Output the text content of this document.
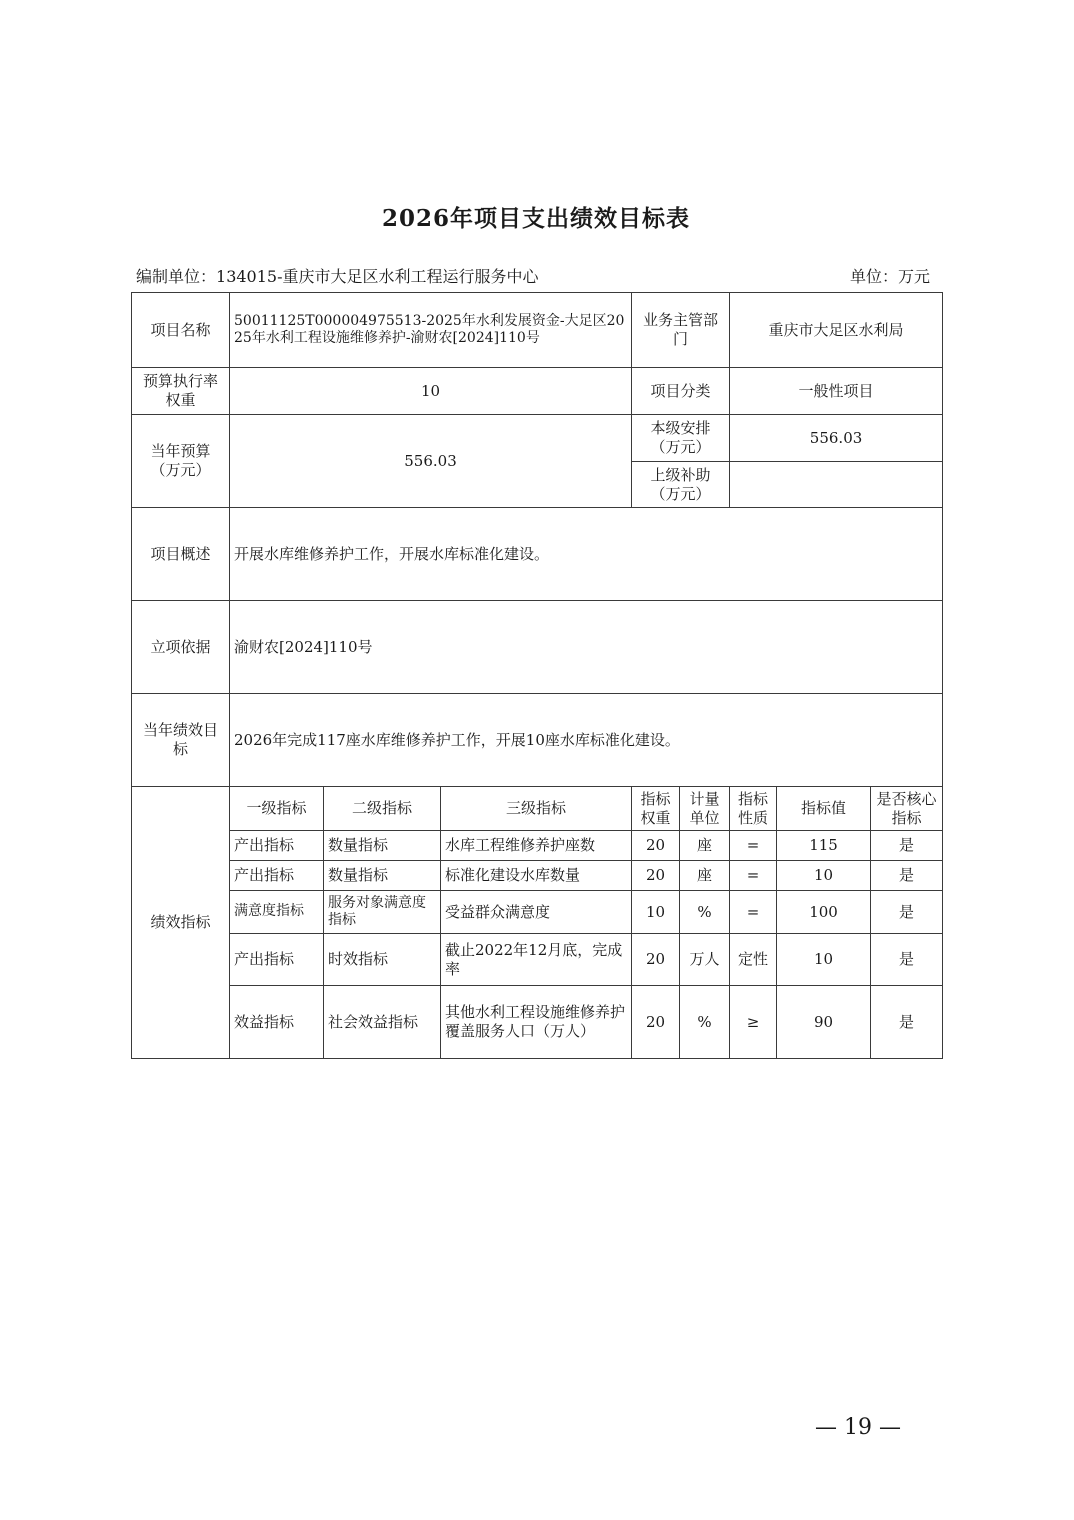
2026年项目支出绩效目标表
编制单位：134015-重庆市大足区水利工程运行服务中心	单位：万元
项目名称	50011125T000004975513-2025年水利发展资金-大足区2025年水利工程设施维修养护-渝财农[2024]110号			业务主管部门		重庆市大足区水利局		
预算执行率权重	10			项目分类		一般性项目		
当年预算（万元）	556.03			本级安排（万元）		556.03		
				上级补助（万元）				
项目概述	开展水库维修养护工作，开展水库标准化建设。							
立项依据	渝财农[2024]110号							
当年绩效目标	2026年完成117座水库维修养护工作，开展10座水库标准化建设。							
绩效指标	一级指标	二级指标	三级指标	指标权重	计量单位	指标性质	指标值	是否核心指标
	产出指标	数量指标	水库工程维修养护座数	20	座	=	115	是
	产出指标	数量指标	标准化建设水库数量	20	座	=	10	是
	满意度指标	服务对象满意度指标	受益群众满意度	10	%	=	100	是
	产出指标	时效指标	截止2022年12月底，完成率	20	万人	定性	10	是
	效益指标	社会效益指标	其他水利工程设施维修养护覆盖服务人口（万人）	20	%	≥	90	是
— 19 —
